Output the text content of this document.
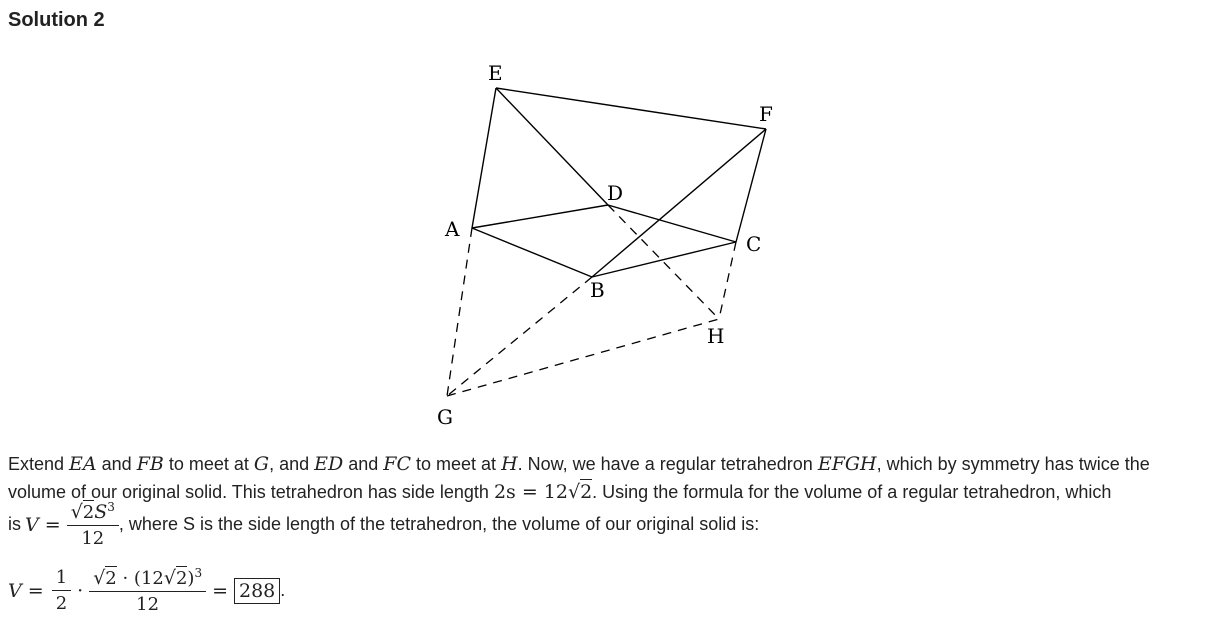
Solution 2
E
F
D
A
C
B
H
G

Extend EA and FB to meet at G, and ED and FC to meet at H. Now, we have a regular tetrahedron EFGH, which by symmetry has twice the volume of our original solid. This tetrahedron has side length 2s = 12√2. Using the formula for the volume of a regular tetrahedron, which

is $V = \frac{√2S^3}{12}$ , where S is the side length of the tetrahedron, the volume of our original solid is:
$V = \frac{1}{2} \cdot \frac{√2 \cdot (12√2)^3}{12} = 288$ .
